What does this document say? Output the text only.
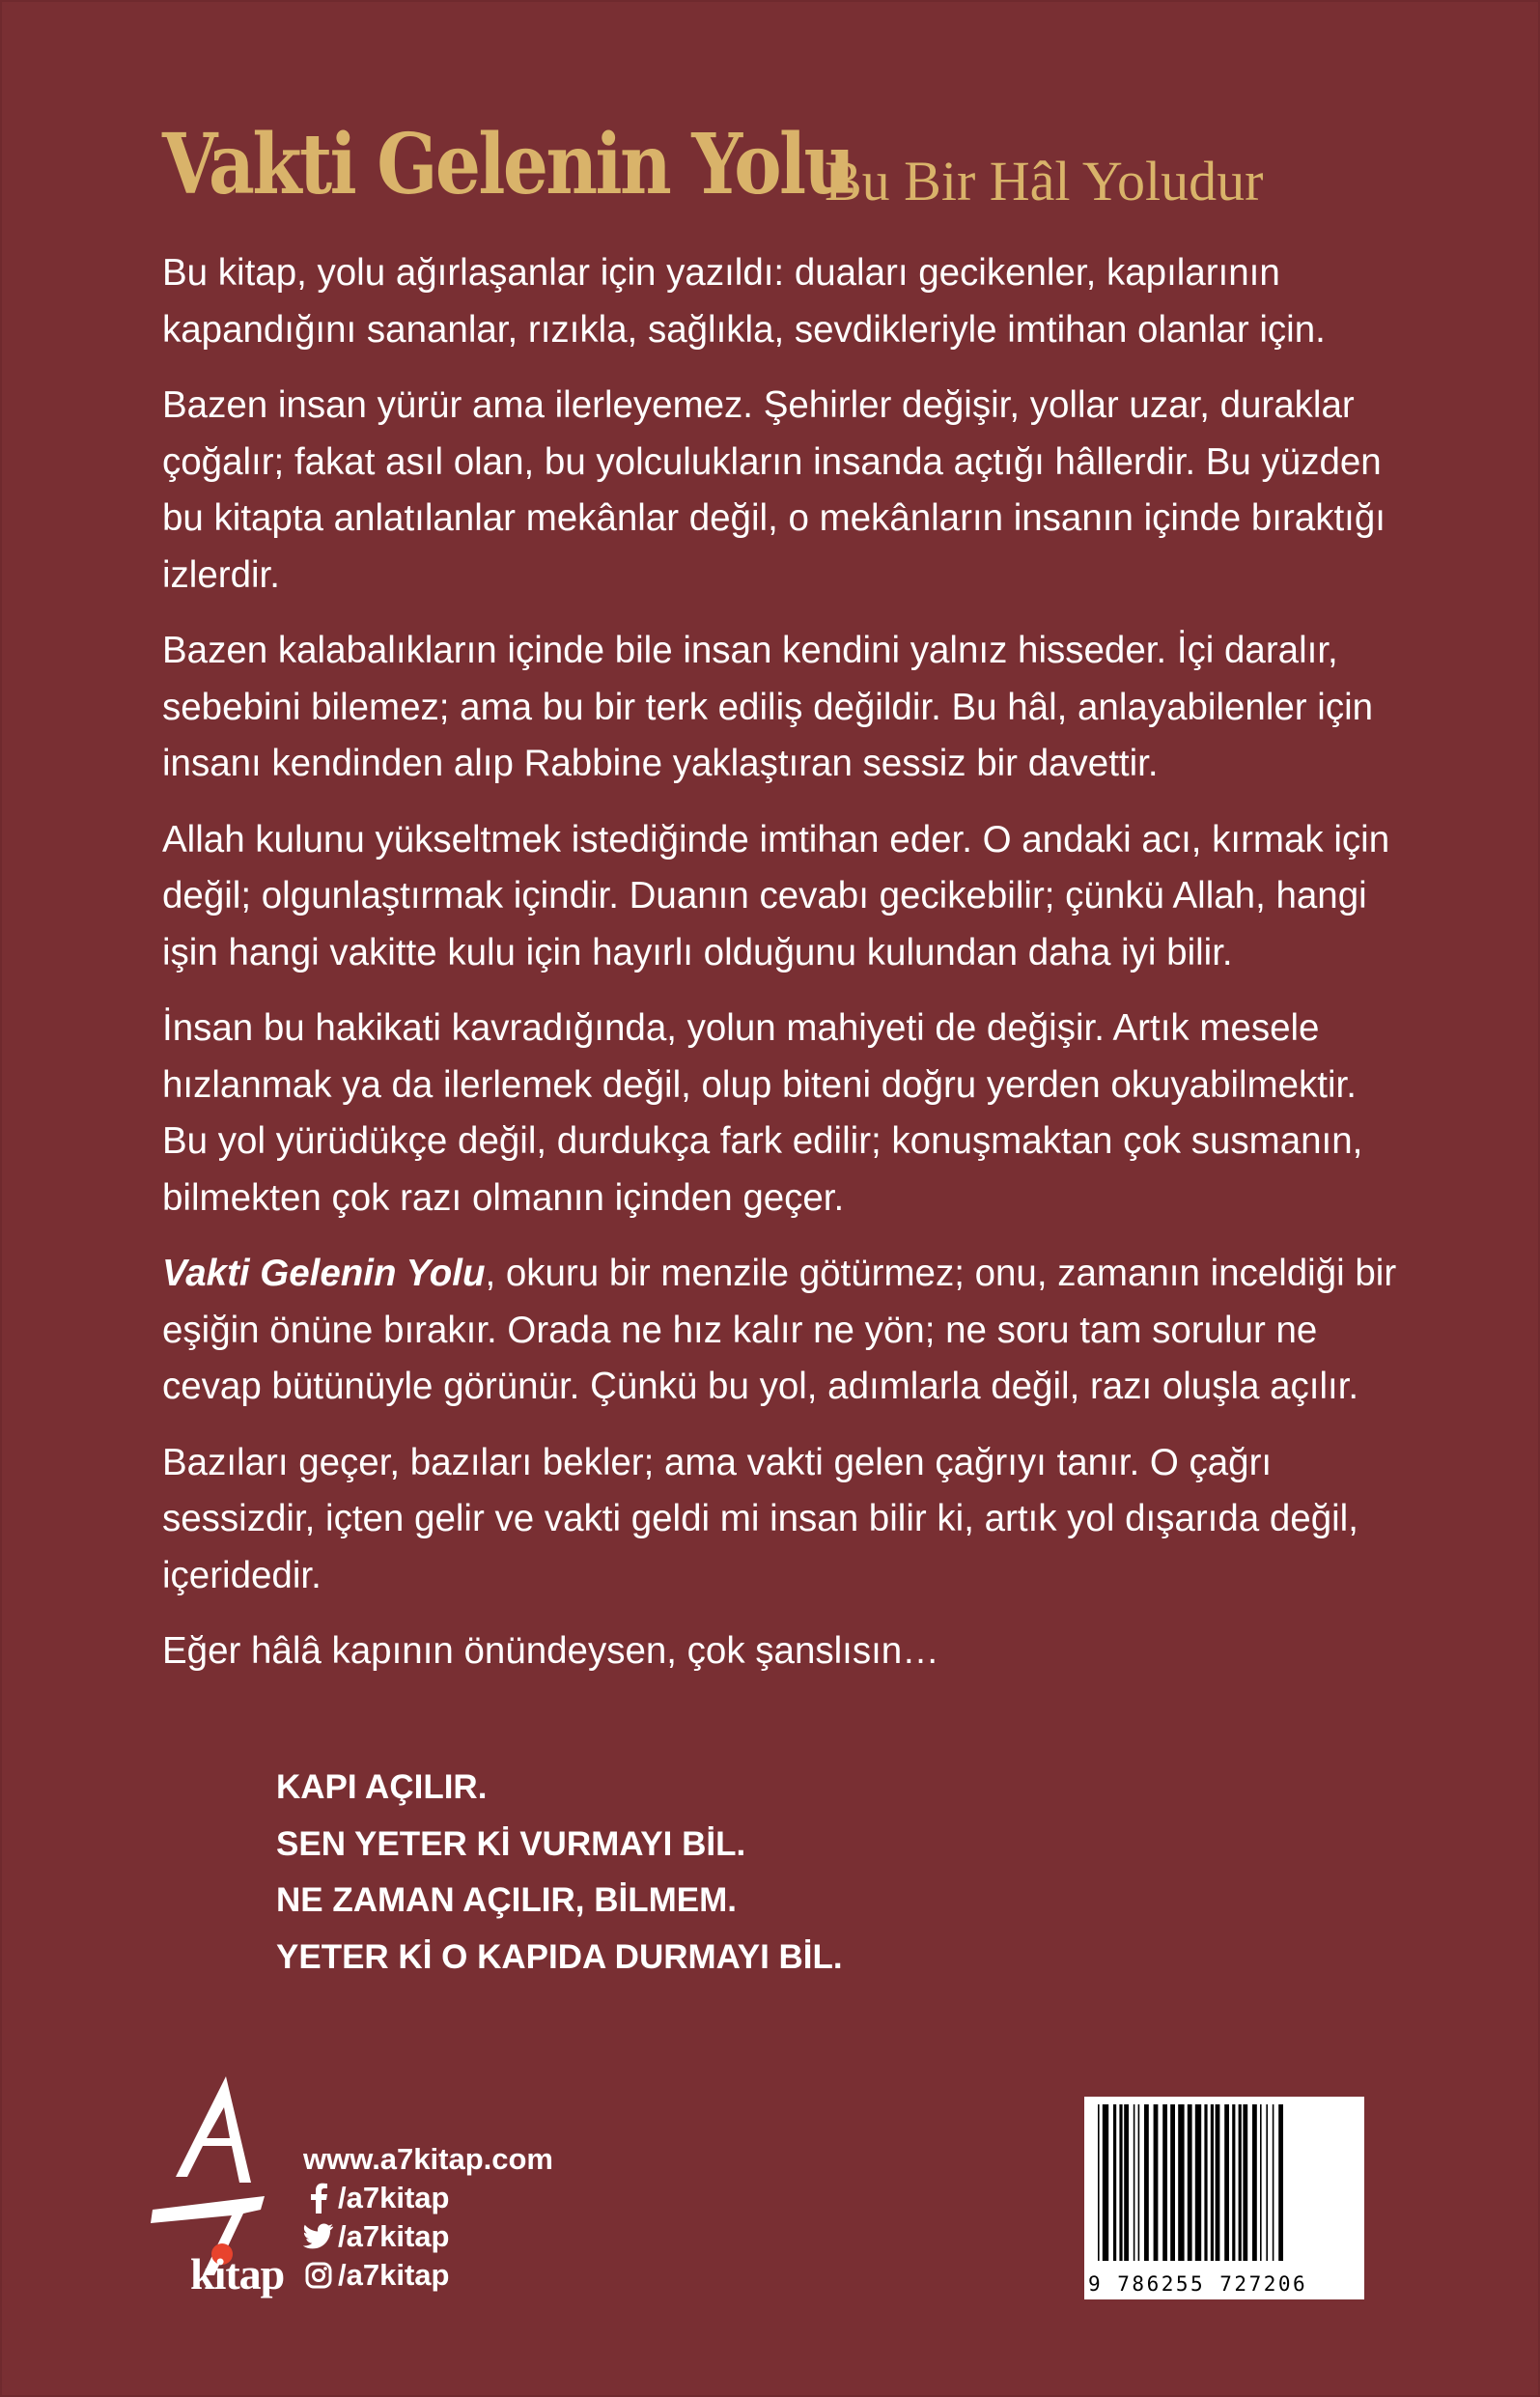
Vakti Gelenin Yolu
Bu Bir Hâl Yoludur

Bu kitap, yolu ağırlaşanlar için yazıldı: duaları gecikenler, kapılarının kapandığını sananlar, rızıkla, sağlıkla, sevdikleriyle imtihan olanlar için.

Bazen insan yürür ama ilerleyemez. Şehirler değişir, yollar uzar, duraklar çoğalır; fakat asıl olan, bu yolculukların insanda açtığı hâllerdir. Bu yüzden bu kitapta anlatılanlar mekânlar değil, o mekânların insanın içinde bıraktığı izlerdir.

Bazen kalabalıkların içinde bile insan kendini yalnız hisseder. İçi daralır, sebebini bilemez; ama bu bir terk ediliş değildir. Bu hâl, anlayabilenler için insanı kendinden alıp Rabbine yaklaştıran sessiz bir davettir.

Allah kulunu yükseltmek istediğinde imtihan eder. O andaki acı, kırmak için değil; olgunlaştırmak içindir. Duanın cevabı gecikebilir; çünkü Allah, hangi işin hangi vakitte kulu için hayırlı olduğunu kulundan daha iyi bilir.

İnsan bu hakikati kavradığında, yolun mahiyeti de değişir. Artık mesele hızlanmak ya da ilerlemek değil, olup biteni doğru yerden okuyabilmektir. Bu yol yürüdükçe değil, durdukça fark edilir; konuşmaktan çok susmanın, bilmekten çok razı olmanın içinden geçer.

Vakti Gelenin Yolu, okuru bir menzile götürmez; onu, zamanın inceldiği bir eşiğin önüne bırakır. Orada ne hız kalır ne yön; ne soru tam sorulur ne cevap bütünüyle görünür. Çünkü bu yol, adımlarla değil, razı oluşla açılır.

Bazıları geçer, bazıları bekler; ama vakti gelen çağrıyı tanır. O çağrı sessizdir, içten gelir ve vakti geldi mi insan bilir ki, artık yol dışarıda değil, içeridedir.

Eğer hâlâ kapının önündeysen, çok şanslısın…

KAPI AÇILIR.
SEN YETER Kİ VURMAYI BİL.
NE ZAMAN AÇILIR, BİLMEM.
YETER Kİ O KAPIDA DURMAYI BİL.
kitap
www.a7kitap.com
/a7kitap
/a7kitap
/a7kitap	9 786255 727206
